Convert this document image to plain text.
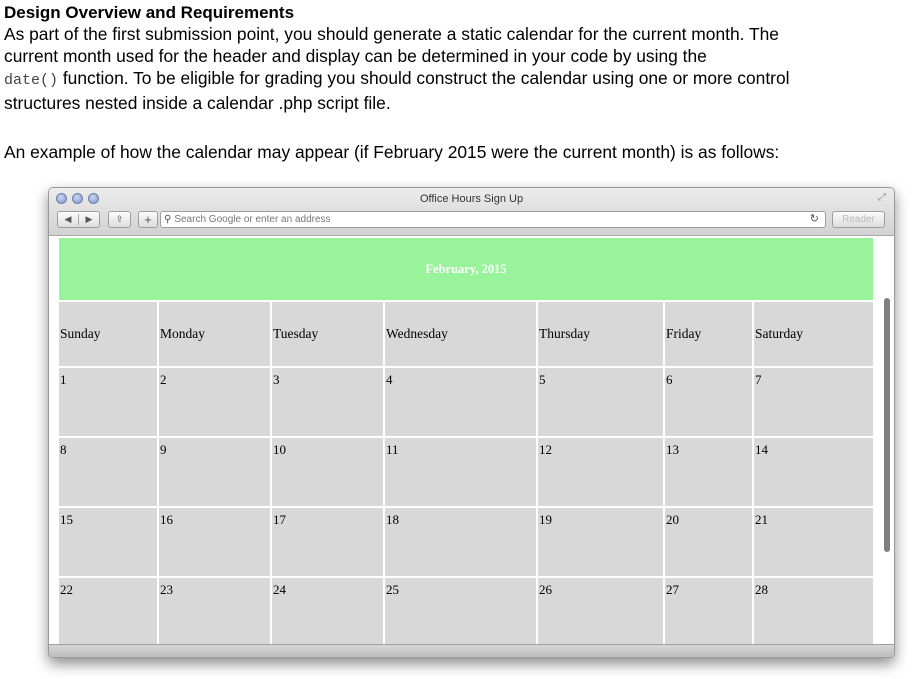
Design Overview and Requirements

As part of the first submission point, you should generate a static calendar for the current month. The

current month used for the header and display can be determined in your code by using the

date() function. To be eligible for grading you should construct the calendar using one or more control

structures nested inside a calendar .php script file.

An example of how the calendar may appear (if February 2015 were the current month) is as follows:

Office Hours Sign Up	⤢
◀	▶	⇪	+	⚲ Search Google or enter an address	↻	Reader
February, 2015						
Sunday	Monday	Tuesday	Wednesday	Thursday	Friday	Saturday
1	2	3	4	5	6	7
8	9	10	11	12	13	14
15	16	17	18	19	20	21
22	23	24	25	26	27	28
